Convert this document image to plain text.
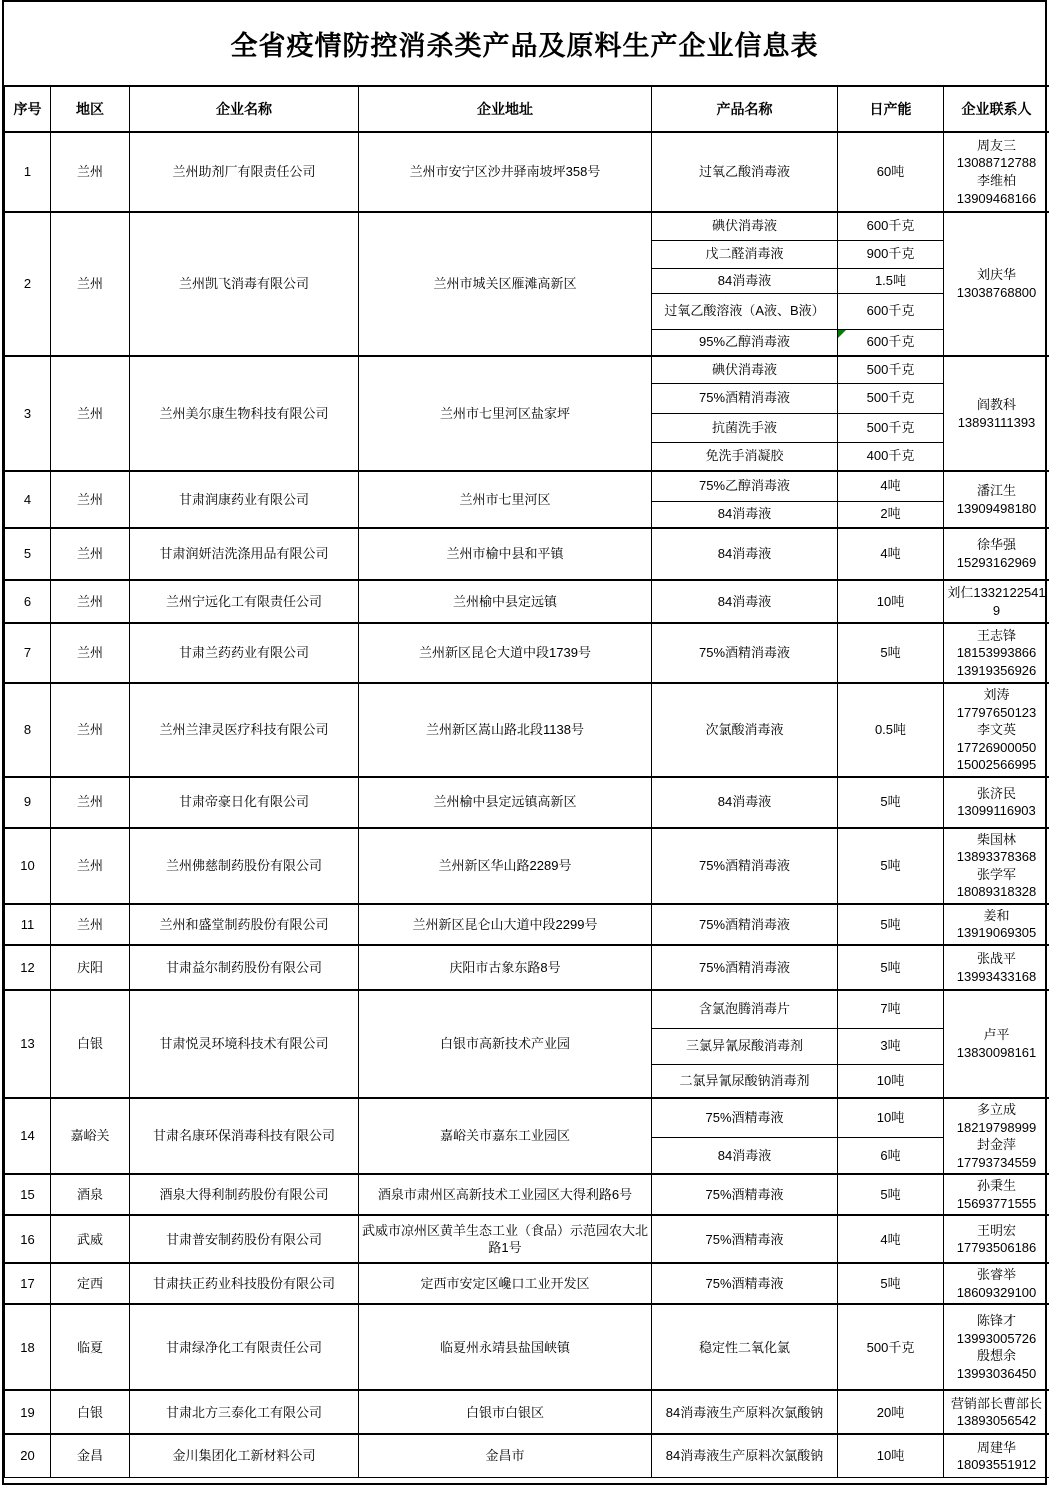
全省疫情防控消杀类产品及原料生产企业信息表
序号	地区	企业名称	企业地址	产品名称	日产能	企业联系人
1	兰州	兰州助剂厂有限责任公司	兰州市安宁区沙井驿南坡坪358号	过氧乙酸消毒液	60吨	周友三
13088712788
李维柏
13909468166

2	兰州	兰州凯飞消毒有限公司	兰州市城关区雁滩高新区	碘伏消毒液	600千克	刘庆华
13038768800

				戊二醛消毒液	900千克	
				84消毒液	1.5吨	
				过氧乙酸溶液（A液、B液）	600千克	
				95%乙醇消毒液	600千克	

3	兰州	兰州美尔康生物科技有限公司	兰州市七里河区盐家坪	碘伏消毒液	500千克	阎教科
13893111393

				75%酒精消毒液	500千克	
				抗菌洗手液	500千克	
				免洗手消凝胶	400千克	
4	兰州	甘肃润康药业有限公司	兰州市七里河区	75%乙醇消毒液	4吨	潘江生
13909498180

				84消毒液	2吨	
5	兰州	甘肃润妍洁洗涤用品有限公司	兰州市榆中县和平镇	84消毒液	4吨	徐华强
15293162969

6	兰州	兰州宁远化工有限责任公司	兰州榆中县定远镇	84消毒液	10吨	刘仁13321225419

7	兰州	甘肃兰药药业有限公司	兰州新区昆仑大道中段1739号	75%酒精消毒液	5吨	王志锋
18153993866
13919356926

8	兰州	兰州兰津灵医疗科技有限公司	兰州新区嵩山路北段1138号	次氯酸消毒液	0.5吨	刘涛
17797650123
李文英
17726900050
15002566995

9	兰州	甘肃帝豪日化有限公司	兰州榆中县定远镇高新区	84消毒液	5吨	张济民
13099116903

10	兰州	兰州佛慈制药股份有限公司	兰州新区华山路2289号	75%酒精消毒液	5吨	柴国林
13893378368
张学军
18089318328

11	兰州	兰州和盛堂制药股份有限公司	兰州新区昆仑山大道中段2299号	75%酒精消毒液	5吨	姜和
13919069305

12	庆阳	甘肃益尔制药股份有限公司	庆阳市古象东路8号	75%酒精消毒液	5吨	张战平
13993433168

13	白银	甘肃悦灵环境科技术有限公司	白银市高新技术产业园	含氯泡腾消毒片	7吨	卢平
13830098161

				三氯异氰尿酸消毒剂	3吨	
				二氯异氰尿酸钠消毒剂	10吨	
14	嘉峪关	甘肃名康环保消毒科技有限公司	嘉峪关市嘉东工业园区	75%酒精毒液	10吨	多立成
18219798999
封金萍
17793734559

				84消毒液	6吨	
15	酒泉	酒泉大得利制药股份有限公司	酒泉市肃州区高新技术工业园区大得利路6号	75%酒精毒液	5吨	孙秉生
15693771555

16	武威	甘肃普安制药股份有限公司	武威市凉州区黄羊生态工业（食品）示范园农大北路1号	75%酒精毒液	4吨	王明宏
17793506186

17	定西	甘肃扶正药业科技股份有限公司	定西市安定区巉口工业开发区	75%酒精毒液	5吨	张睿举
18609329100

18	临夏	甘肃绿净化工有限责任公司	临夏州永靖县盐国峡镇	稳定性二氧化氯	500千克	陈锋才
13993005726
殷想余
13993036450

19	白银	甘肃北方三泰化工有限公司	白银市白银区	84消毒液生产原料次氯酸钠	20吨	营销部长曹部长
13893056542

20	金昌	金川集团化工新材料公司	金昌市	84消毒液生产原料次氯酸钠	10吨	周建华
18093551912
